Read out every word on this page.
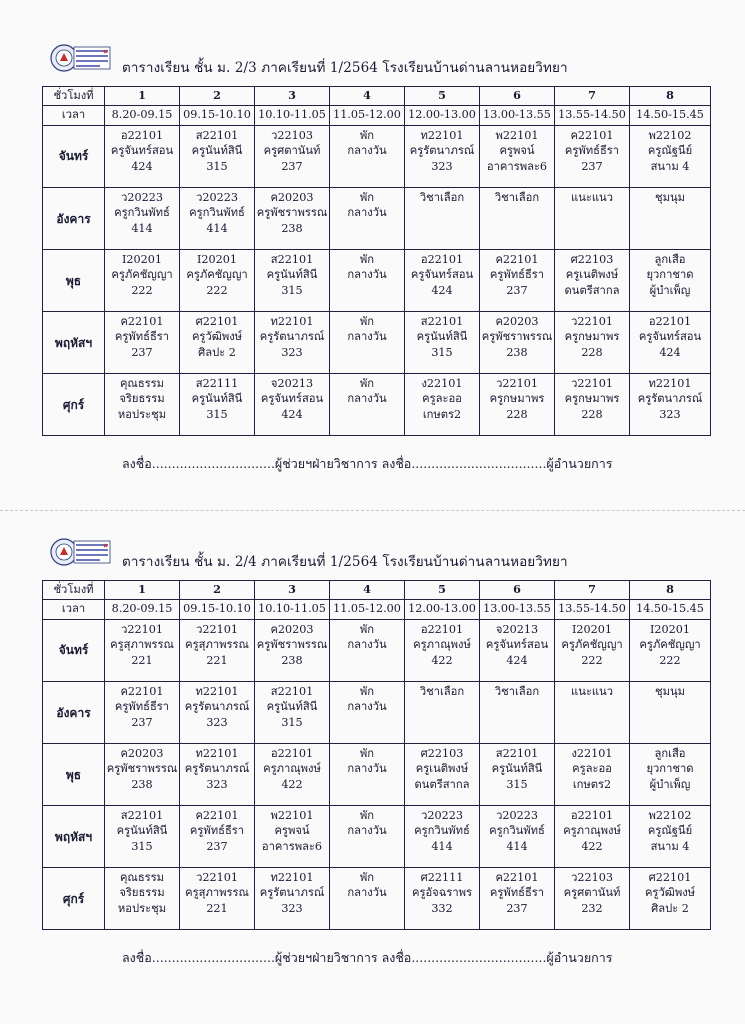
ตารางเรียน ชั้น ม. 2/3 ภาคเรียนที่ 1/2564 โรงเรียนบ้านด่านลานหอยวิทยา
ชั่วโมงที่	1	2	3	4	5	6	7	8
เวลา	8.20-09.15	09.15-10.10	10.10-11.05	11.05-12.00	12.00-13.00	13.00-13.55	13.55-14.50	14.50-15.45
จันทร์	อ22101
ครูจันทร์สอน
424	ส22101
ครูนันท์สินี
315	ว22103
ครูศตานันท์
237	พัก
กลางวัน	ท22101
ครูรัตนาภรณ์
323	พ22101
ครูพจน์
อาคารพละ6	ค22101
ครูพัทธ์ธีรา
237	พ22102
ครูณัฐนีย์
สนาม 4

อังคาร	ว20223
ครูกวินพัทธ์
414	ว20223
ครูกวินพัทธ์
414	ค20203
ครูพัชราพรรณ
238	พัก
กลางวัน	วิชาเลือก	วิชาเลือก	แนะแนว	ชุมนุม

พุธ	I20201
ครูภัคชัญญา
222	I20201
ครูภัคชัญญา
222	ส22101
ครูนันท์สินี
315	พัก
กลางวัน	อ22101
ครูจันทร์สอน
424	ค22101
ครูพัทธ์ธีรา
237	ศ22103
ครูเนติพงษ์
ดนตรีสากล	ลูกเสือ
ยุวกาชาด
ผู้บำเพ็ญ

พฤหัสฯ	ค22101
ครูพัทธ์ธีรา
237	ศ22101
ครูวัฒิพงษ์
ศิลปะ 2	ท22101
ครูรัตนาภรณ์
323	พัก
กลางวัน	ส22101
ครูนันท์สินี
315	ค20203
ครูพัชราพรรณ
238	ว22101
ครูกษมาพร
228	อ22101
ครูจันทร์สอน
424

ศุกร์	คุณธรรม
จริยธรรม
หอประชุม	ส22111
ครูนันท์สินี
315	จ20213
ครูจันทร์สอน
424	พัก
กลางวัน	ง22101
ครูละออ
เกษตร2	ว22101
ครูกษมาพร
228	ว22101
ครูกษมาพร
228	ท22101
ครูรัตนาภรณ์
323
ลงชื่อ...............................ผู้ช่วยฯฝ่ายวิชาการ ลงชื่อ..................................ผู้อำนวยการ
ตารางเรียน ชั้น ม. 2/4 ภาคเรียนที่ 1/2564 โรงเรียนบ้านด่านลานหอยวิทยา
ชั่วโมงที่	1	2	3	4	5	6	7	8
เวลา	8.20-09.15	09.15-10.10	10.10-11.05	11.05-12.00	12.00-13.00	13.00-13.55	13.55-14.50	14.50-15.45
จันทร์	ว22101
ครูสุภาพรรณ
221	ว22101
ครูสุภาพรรณ
221	ค20203
ครูพัชราพรรณ
238	พัก
กลางวัน	อ22101
ครูภาณุพงษ์
422	จ20213
ครูจันทร์สอน
424	I20201
ครูภัคชัญญา
222	I20201
ครูภัคชัญญา
222

อังคาร	ค22101
ครูพัทธ์ธีรา
237	ท22101
ครูรัตนาภรณ์
323	ส22101
ครูนันท์สินี
315	พัก
กลางวัน	วิชาเลือก	วิชาเลือก	แนะแนว	ชุมนุม

พุธ	ค20203
ครูพัชราพรรณ
238	ท22101
ครูรัตนาภรณ์
323	อ22101
ครูภาณุพงษ์
422	พัก
กลางวัน	ศ22103
ครูเนติพงษ์
ดนตรีสากล	ส22101
ครูนันท์สินี
315	ง22101
ครูละออ
เกษตร2	ลูกเสือ
ยุวกาชาด
ผู้บำเพ็ญ

พฤหัสฯ	ส22101
ครูนันท์สินี
315	ค22101
ครูพัทธ์ธีรา
237	พ22101
ครูพจน์
อาคารพละ6	พัก
กลางวัน	ว20223
ครูกวินพัทธ์
414	ว20223
ครูกวินพัทธ์
414	อ22101
ครูภาณุพงษ์
422	พ22102
ครูณัฐนีย์
สนาม 4

ศุกร์	คุณธรรม
จริยธรรม
หอประชุม	ว22101
ครูสุภาพรรณ
221	ท22101
ครูรัตนาภรณ์
323	พัก
กลางวัน	ศ22111
ครูอัจฉราพร
332	ค22101
ครูพัทธ์ธีรา
237	ว22103
ครูศตานันท์
232	ศ22101
ครูวัฒิพงษ์
ศิลปะ 2
ลงชื่อ...............................ผู้ช่วยฯฝ่ายวิชาการ ลงชื่อ..................................ผู้อำนวยการ
